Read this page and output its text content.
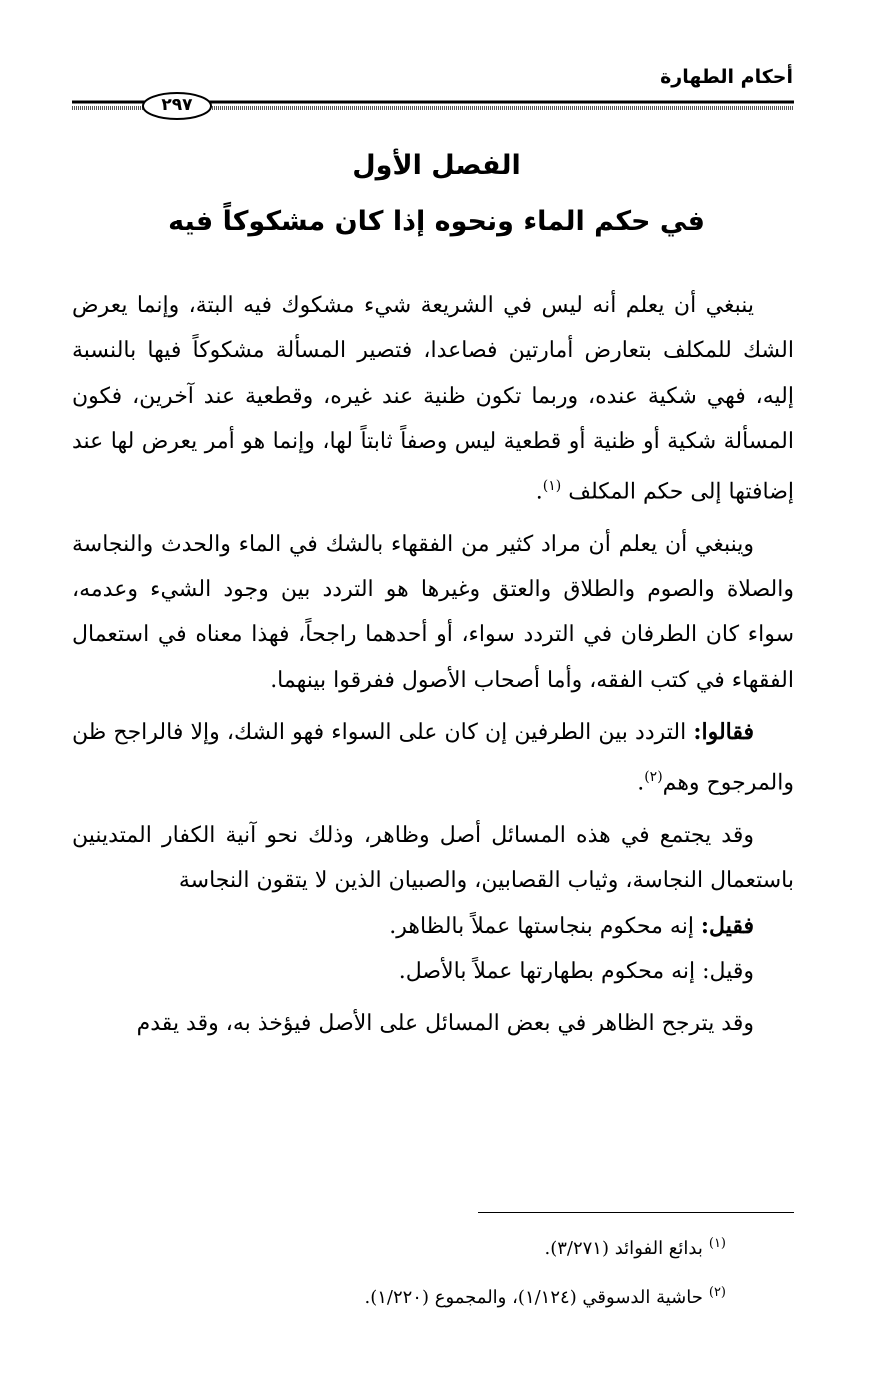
أحكام الطهارة
٢٩٧
الفصل الأول
في حكم الماء ونحوه إذا كان مشكوكاً فيه

ينبغي أن يعلم أنه ليس في الشريعة شيء مشكوك فيه البتة، وإنما يعرض الشك للمكلف بتعارض أمارتين فصاعدا، فتصير المسألة مشكوكاً فيها بالنسبة إليه، فهي شكية عنده، وربما تكون ظنية عند غيره، وقطعية عند آخرين، فكون المسألة شكية أو ظنية أو قطعية ليس وصفاً ثابتاً لها، وإنما هو أمر يعرض لها عند إضافتها إلى حكم المكلف $^{(١)}$.

وينبغي أن يعلم أن مراد كثير من الفقهاء بالشك في الماء والحدث والنجاسة والصلاة والصوم والطلاق والعتق وغيرها هو التردد بين وجود الشيء وعدمه، سواء كان الطرفان في التردد سواء، أو أحدهما راجحاً، فهذا معناه في استعمال الفقهاء في كتب الفقه، وأما أصحاب الأصول ففرقوا بينهما.

فقالوا: التردد بين الطرفين إن كان على السواء فهو الشك، وإلا فالراجح ظن والمرجوح وهم$^{(٢)}$.

وقد يجتمع في هذه المسائل أصل وظاهر، وذلك نحو آنية الكفار المتدينين باستعمال النجاسة، وثياب القصابين، والصبيان الذين لا يتقون النجاسة

فقيل: إنه محكوم بنجاستها عملاً بالظاهر.

وقيل: إنه محكوم بطهارتها عملاً بالأصل.

وقد يترجح الظاهر في بعض المسائل على الأصل فيؤخذ به، وقد يقدم

$^{(١)}$بدائع الفوائد (٣/٢٧١).

$^{(٢)}$حاشية الدسوقي (١/١٢٤)، والمجموع (١/٢٢٠).
